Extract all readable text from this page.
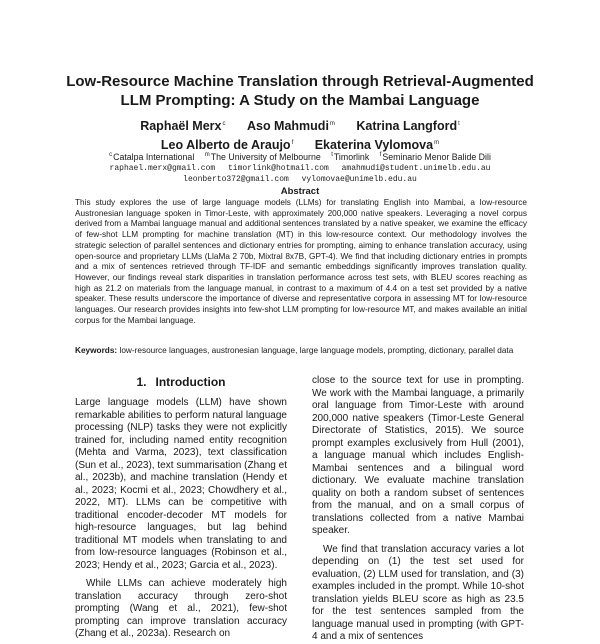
Low-Resource Machine Translation through Retrieval-Augmented
LLM Prompting: A Study on the Mambai Language
Raphaël Merx$^c$ Aso Mahmudi$^m$ Katrina Langford$^t$
Leo Alberto de Araujo$^f$ Ekaterina Vylomova$^m$
$^c$Catalpa International $^m$The University of Melbourne $^t$Timorlink $^f$Seminario Menor Balide Dili
raphael.merx@gmail.com timorlink@hotmail.com amahmudi@student.unimelb.edu.au
leonberto372@gmail.com vylomovae@unimelb.edu.au
Abstract

This study explores the use of large language models (LLMs) for translating English into Mambai, a low-resource Austronesian language spoken in Timor-Leste, with approximately 200,000 native speakers. Leveraging a novel corpus derived from a Mambai language manual and additional sentences translated by a native speaker, we examine the efficacy of few-shot LLM prompting for machine translation (MT) in this low-resource context. Our methodology involves the strategic selection of parallel sentences and dictionary entries for prompting, aiming to enhance translation accuracy, using open-source and proprietary LLMs (LlaMa 2 70b, Mixtral 8x7B, GPT-4). We find that including dictionary entries in prompts and a mix of sentences retrieved through TF-IDF and semantic embeddings significantly improves translation quality. However, our findings reveal stark disparities in translation performance across test sets, with BLEU scores reaching as high as 21.2 on materials from the language manual, in contrast to a maximum of 4.4 on a test set provided by a native speaker. These results underscore the importance of diverse and representative corpora in assessing MT for low-resource languages. Our research provides insights into few-shot LLM prompting for low-resource MT, and makes available an initial corpus for the Mambai language.

Keywords: low-resource languages, austronesian language, large language models, prompting, dictionary, parallel data

1. Introduction

Large language models (LLM) have shown remarkable abilities to perform natural language processing (NLP) tasks they were not explicitly trained for, including named entity recognition (Mehta and Varma, 2023), text classification (Sun et al., 2023), text summarisation (Zhang et al., 2023b), and machine translation (Hendy et al., 2023; Kocmi et al., 2023; Chowdhery et al., 2022, MT). LLMs can be competitive with traditional encoder-decoder MT models for high-resource languages, but lag behind traditional MT models when translating to and from low-resource languages (Robinson et al., 2023; Hendy et al., 2023; Garcia et al., 2023).

While LLMs can achieve moderately high translation accuracy through zero-shot prompting (Wang et al., 2021), few-shot prompting can improve translation accuracy (Zhang et al., 2023a). Research on

close to the source text for use in prompting. We work with the Mambai language, a primarily oral language from Timor-Leste with around 200,000 native speakers (Timor-Leste General Directorate of Statistics, 2015). We source prompt examples exclusively from Hull (2001), a language manual which includes English-Mambai sentences and a bilingual word dictionary. We evaluate machine translation quality on both a random subset of sentences from the manual, and on a small corpus of translations collected from a native Mambai speaker.

We find that translation accuracy varies a lot depending on (1) the test set used for evaluation, (2) LLM used for translation, and (3) examples included in the prompt. While 10-shot translation yields BLEU score as high as 23.5 for the test sentences sampled from the language manual used in prompting (with GPT-4 and a mix of sentences
